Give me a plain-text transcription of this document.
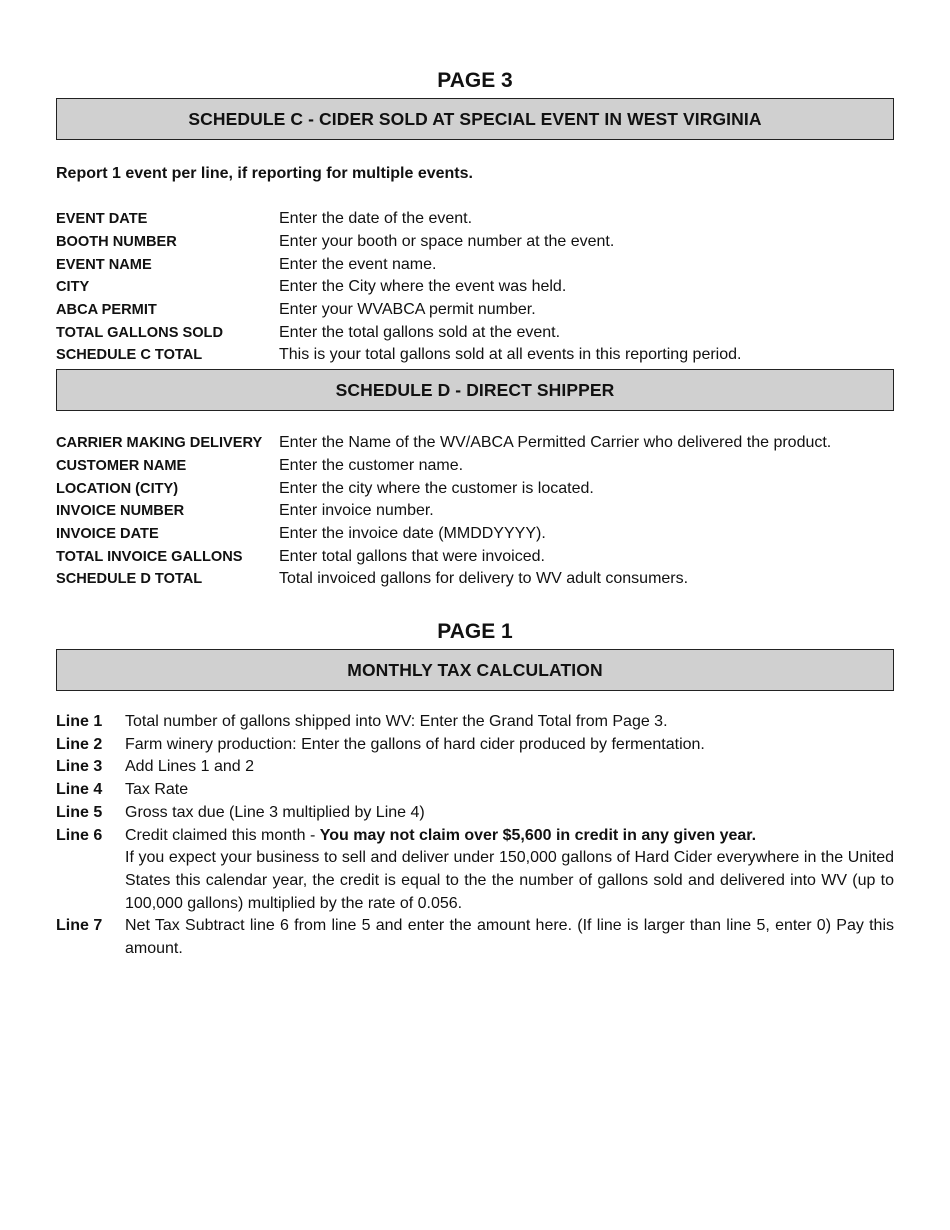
PAGE 3
SCHEDULE C - CIDER SOLD AT SPECIAL EVENT IN WEST VIRGINIA

Report 1 event per line, if reporting for multiple events.

EVENT DATE	Enter the date of the event.
BOOTH NUMBER	Enter your booth or space number at the event.
EVENT NAME	Enter the event name.
CITY	Enter the City where the event was held.
ABCA PERMIT	Enter your WVABCA permit number.
TOTAL GALLONS SOLD	Enter the total gallons sold at the event.
SCHEDULE C TOTAL	This is your total gallons sold at all events in this reporting period.
SCHEDULE D - DIRECT SHIPPER
CARRIER MAKING DELIVERY	Enter the Name of the WV/ABCA Permitted Carrier who delivered the product.
CUSTOMER NAME	Enter the customer name.
LOCATION (CITY)	Enter the city where the customer is located.
INVOICE NUMBER	Enter invoice number.
INVOICE DATE	Enter the invoice date (MMDDYYYY).
TOTAL INVOICE GALLONS	Enter total gallons that were invoiced.
SCHEDULE D TOTAL	Total invoiced gallons for delivery to WV adult consumers.
PAGE 1
MONTHLY TAX CALCULATION
Line 1	Total number of gallons shipped into WV: Enter the Grand Total from Page 3.
Line 2	Farm winery production: Enter the gallons of hard cider produced by fermentation.
Line 3	Add Lines 1 and 2
Line 4	Tax Rate
Line 5	Gross tax due (Line 3 multiplied by Line 4)
Line 6	Credit claimed this month - You may not claim over $5,600 in credit in any given year.
If you expect your business to sell and deliver under 150,000 gallons of Hard Cider everywhere in the United States this calendar year, the credit is equal to the the number of gallons sold and delivered into WV (up to 100,000 gallons) multiplied by the rate of 0.056.
Line 7	Net Tax Subtract line 6 from line 5 and enter the amount here. (If line is larger than line 5, enter 0) Pay this amount.
